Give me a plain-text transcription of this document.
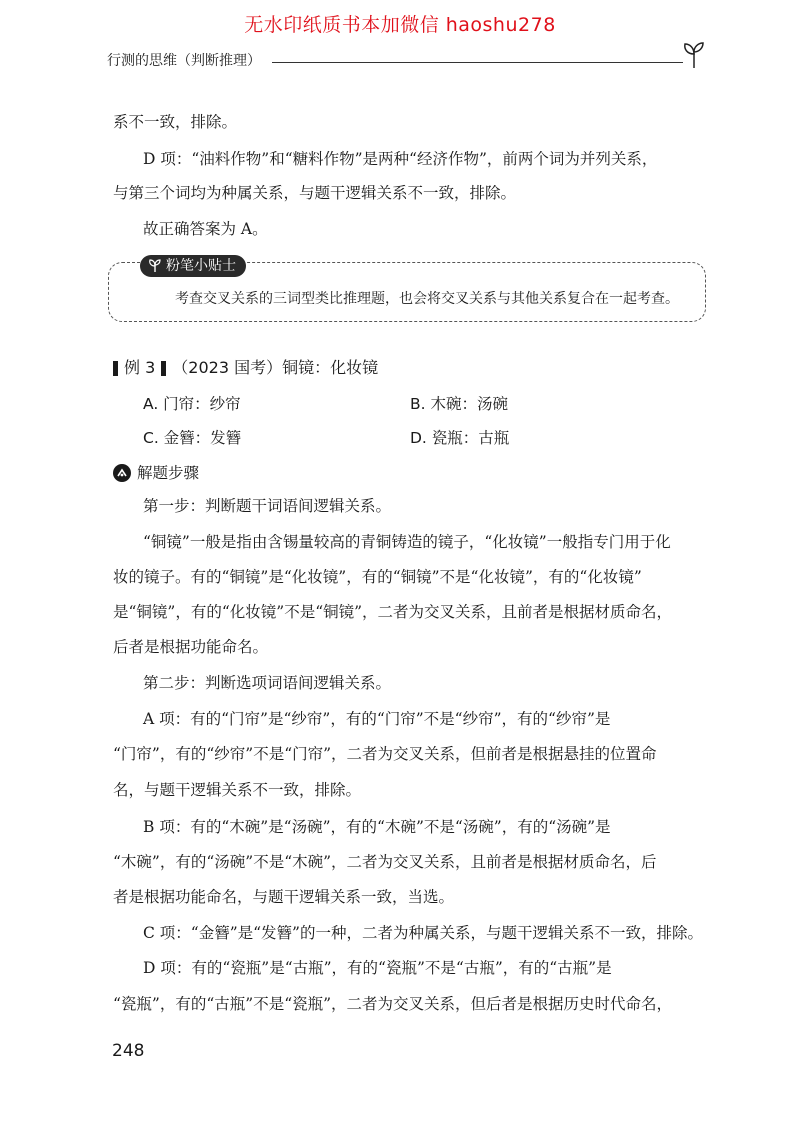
无水印纸质书本加微信 haoshu278
行测的思维（判断推理）
系不一致，排除。
D 项：“油料作物”和“糖料作物”是两种“经济作物”，前两个词为并列关系，
与第三个词均为种属关系，与题干逻辑关系不一致，排除。
故正确答案为 A。
粉笔小贴士
考查交叉关系的三词型类比推理题，也会将交叉关系与其他关系复合在一起考查。
例 3 （2023 国考）铜镜：化妆镜
A. 门帘：纱帘	B. 木碗：汤碗
C. 金簪：发簪	D. 瓷瓶：古瓶
解题步骤
第一步：判断题干词语间逻辑关系。
“铜镜”一般是指由含锡量较高的青铜铸造的镜子，“化妆镜”一般指专门用于化
妆的镜子。有的“铜镜”是“化妆镜”，有的“铜镜”不是“化妆镜”，有的“化妆镜”
是“铜镜”，有的“化妆镜”不是“铜镜”，二者为交叉关系，且前者是根据材质命名，
后者是根据功能命名。
第二步：判断选项词语间逻辑关系。
A 项：有的“门帘”是“纱帘”，有的“门帘”不是“纱帘”，有的“纱帘”是
“门帘”，有的“纱帘”不是“门帘”，二者为交叉关系，但前者是根据悬挂的位置命
名，与题干逻辑关系不一致，排除。
B 项：有的“木碗”是“汤碗”，有的“木碗”不是“汤碗”，有的“汤碗”是
“木碗”，有的“汤碗”不是“木碗”，二者为交叉关系，且前者是根据材质命名，后
者是根据功能命名，与题干逻辑关系一致，当选。
C 项：“金簪”是“发簪”的一种，二者为种属关系，与题干逻辑关系不一致，排除。
D 项：有的“瓷瓶”是“古瓶”，有的“瓷瓶”不是“古瓶”，有的“古瓶”是
“瓷瓶”，有的“古瓶”不是“瓷瓶”，二者为交叉关系，但后者是根据历史时代命名，
248
